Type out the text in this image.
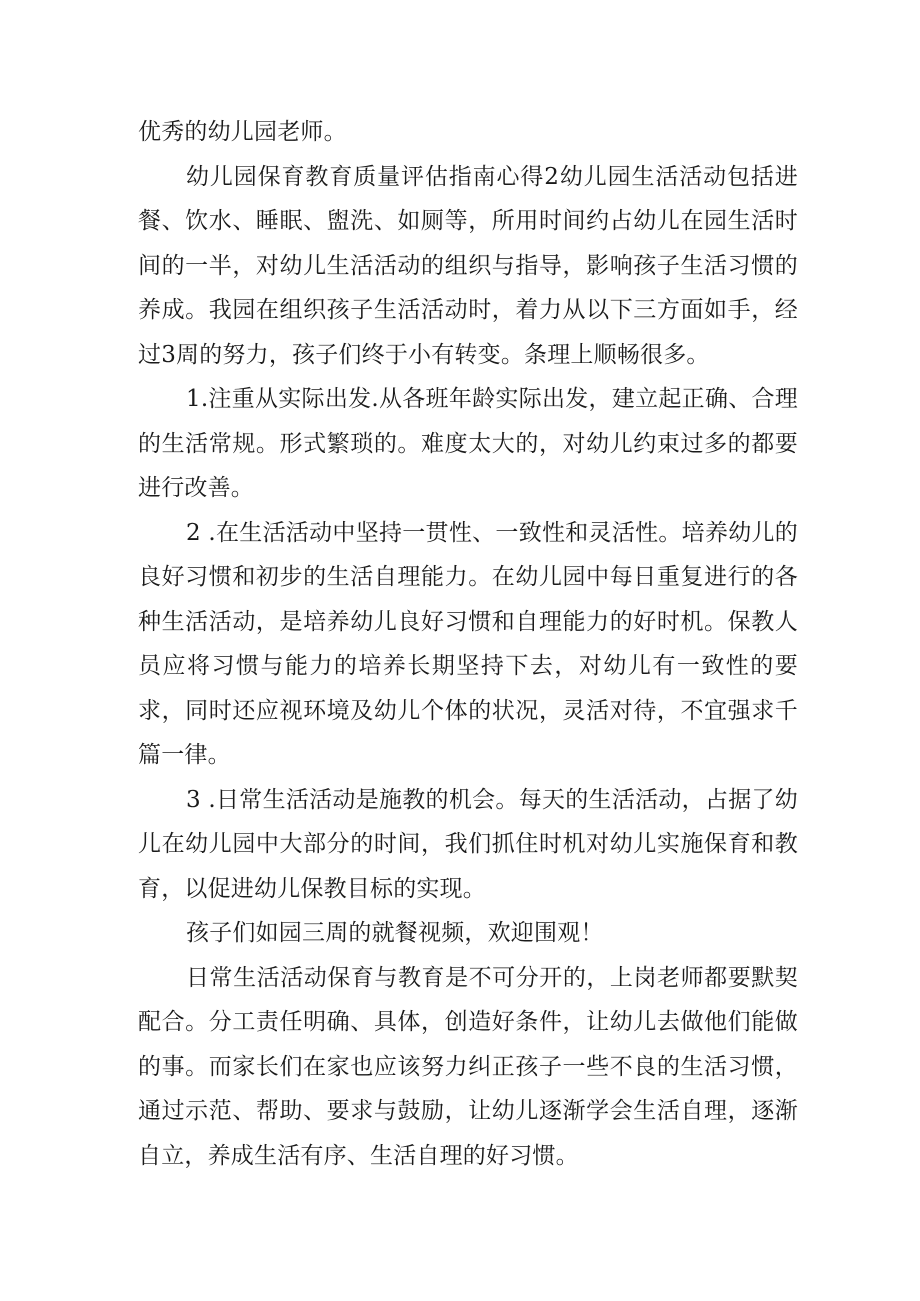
优秀的幼儿园老师。

幼儿园保育教育质量评估指南心得2幼儿园生活活动包括进餐、饮水、睡眠、盥洗、如厕等，所用时间约占幼儿在园生活时间的一半，对幼儿生活活动的组织与指导，影响孩子生活习惯的养成。我园在组织孩子生活活动时，着力从以下三方面如手，经过3周的努力，孩子们终于小有转变。条理上顺畅很多。

1.注重从实际出发.从各班年龄实际出发，建立起正确、合理的生活常规。形式繁琐的。难度太大的，对幼儿约束过多的都要进行改善。

2 .在生活活动中坚持一贯性、一致性和灵活性。培养幼儿的良好习惯和初步的生活自理能力。在幼儿园中每日重复进行的各种生活活动，是培养幼儿良好习惯和自理能力的好时机。保教人员应将习惯与能力的培养长期坚持下去，对幼儿有一致性的要求，同时还应视环境及幼儿个体的状况，灵活对待，不宜强求千篇一律。

3 .日常生活活动是施教的机会。每天的生活活动，占据了幼儿在幼儿园中大部分的时间，我们抓住时机对幼儿实施保育和教育，以促进幼儿保教目标的实现。

孩子们如园三周的就餐视频，欢迎围观！

日常生活活动保育与教育是不可分开的，上岗老师都要默契配合。分工责任明确、具体，创造好条件，让幼儿去做他们能做的事。而家长们在家也应该努力纠正孩子一些不良的生活习惯，通过示范、帮助、要求与鼓励，让幼儿逐渐学会生活自理，逐渐自立，养成生活有序、生活自理的好习惯。
